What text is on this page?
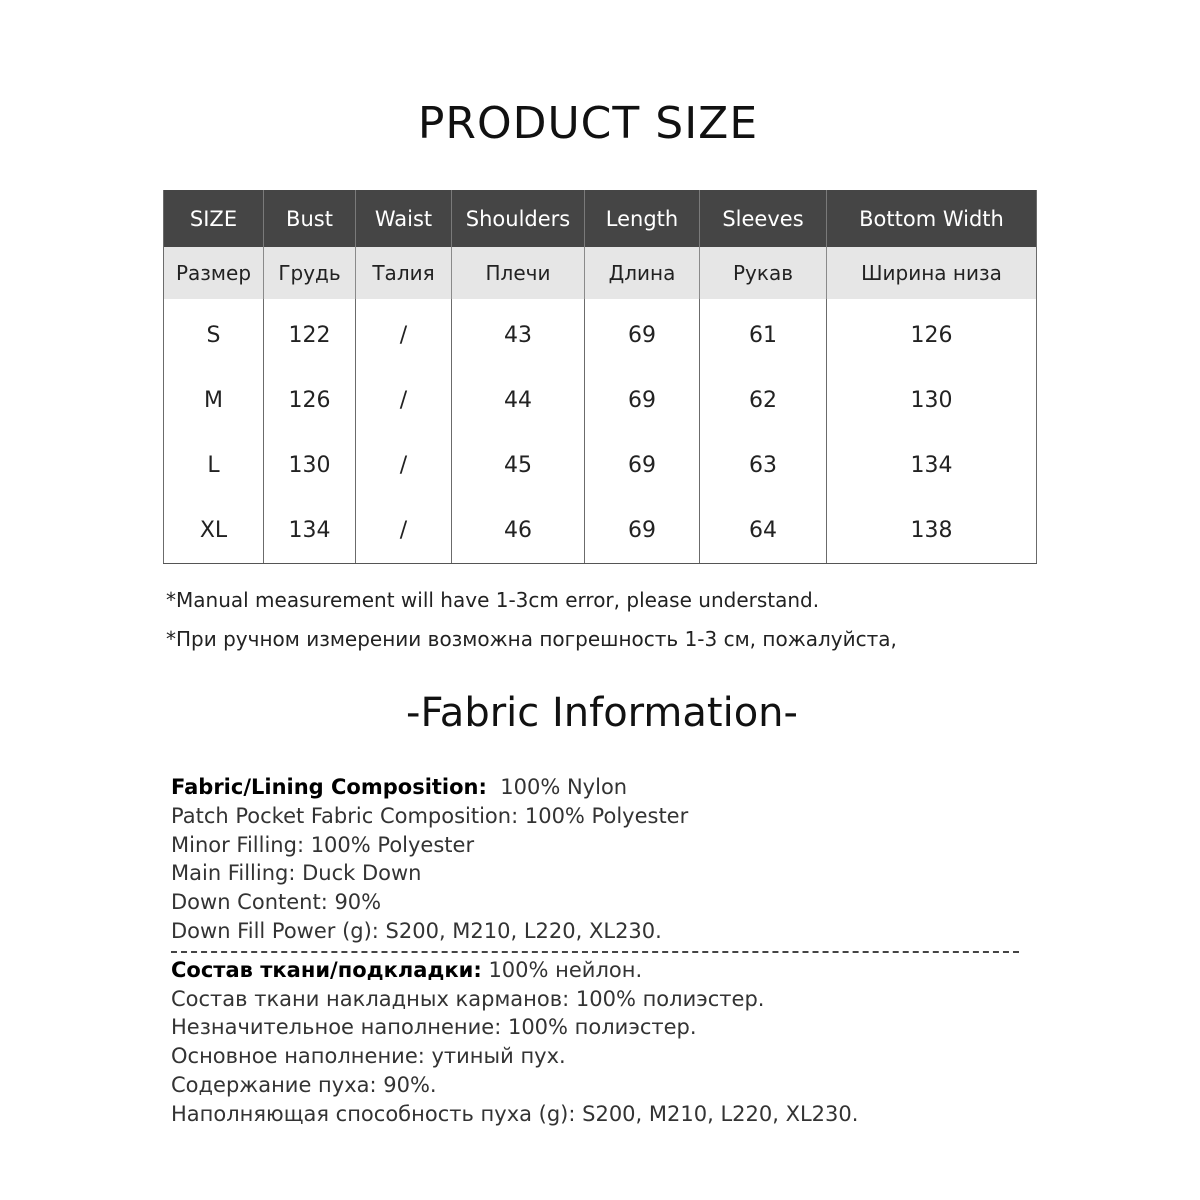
PRODUCT SIZE
SIZE	Bust	Waist	Shoulders	Length	Sleeves	Bottom Width
Размер	Грудь	Талия	Плечи	Длина	Рукав	Ширина низа
S	122	/	43	69	61	126
M	126	/	44	69	62	130
L	130	/	45	69	63	134
XL	134	/	46	69	64	138
*Manual measurement will have 1-3cm error, please understand.
*При ручном измерении возможна погрешность 1-3 см, пожалуйста,
-Fabric Information-
Fabric/Lining Composition: 100% Nylon
Patch Pocket Fabric Composition: 100% Polyester
Minor Filling: 100% Polyester
Main Filling: Duck Down
Down Content: 90%
Down Fill Power (g): S200, M210, L220, XL230.
Состав ткани/подкладки: 100% нейлон.
Состав ткани накладных карманов: 100% полиэстер.
Незначительное наполнение: 100% полиэстер.
Основное наполнение: утиный пух.
Содержание пуха: 90%.
Наполняющая способность пуха (g): S200, M210, L220, XL230.
